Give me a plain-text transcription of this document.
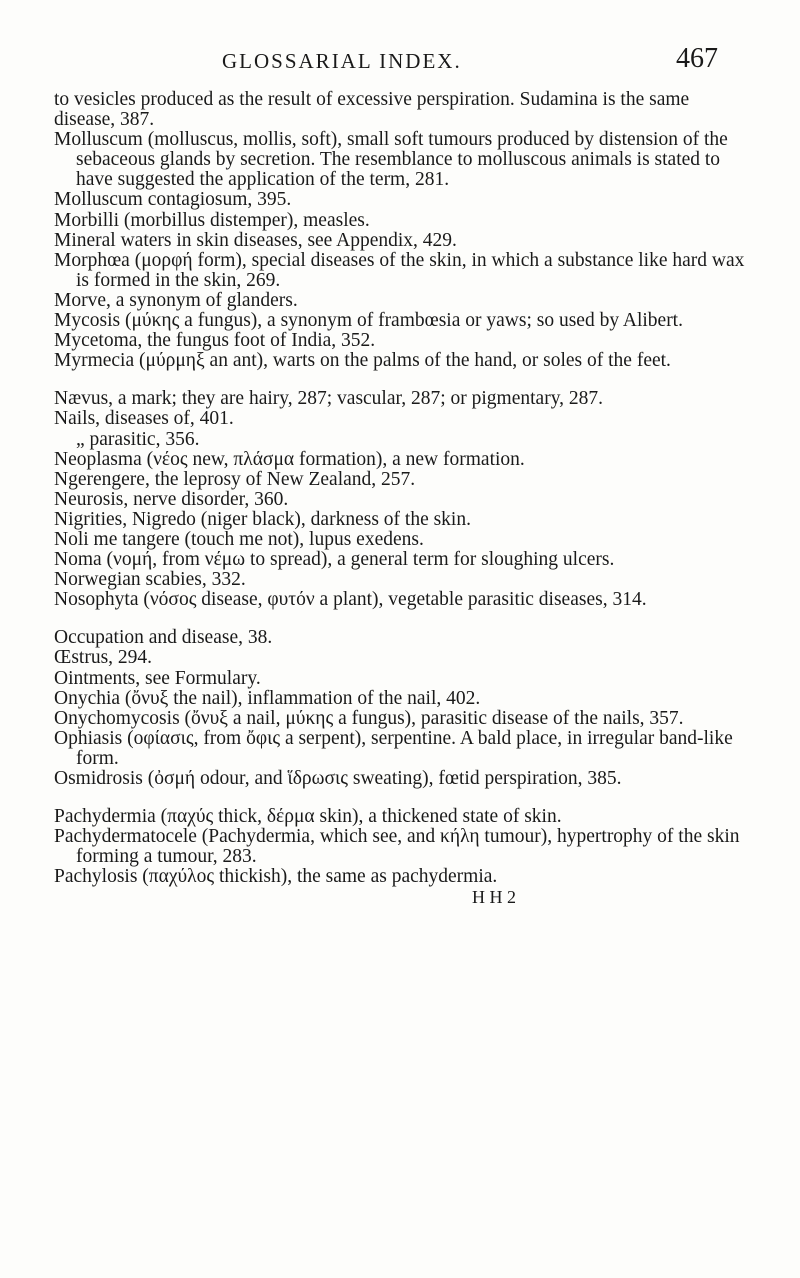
GLOSSARIAL INDEX.	467

to vesicles produced as the result of excessive perspiration. Sudamina is the same disease, 387.

Molluscum (molluscus, mollis, soft), small soft tumours produced by distension of the sebaceous glands by secretion. The resemblance to molluscous animals is stated to have suggested the application of the term, 281.

Molluscum contagiosum, 395.

Morbilli (morbillus distemper), measles.

Mineral waters in skin diseases, see Appendix, 429.

Morphœa (μορφή form), special diseases of the skin, in which a substance like hard wax is formed in the skin, 269.

Morve, a synonym of glanders.

Mycosis (μύκης a fungus), a synonym of frambœsia or yaws; so used by Alibert.

Mycetoma, the fungus foot of India, 352.

Myrmecia (μύρμηξ an ant), warts on the palms of the hand, or soles of the feet.

Nævus, a mark; they are hairy, 287; vascular, 287; or pigmentary, 287.

Nails, diseases of, 401.

„ parasitic, 356.

Neoplasma (νέος new, πλάσμα formation), a new formation.

Ngerengere, the leprosy of New Zealand, 257.

Neurosis, nerve disorder, 360.

Nigrities, Nigredo (niger black), darkness of the skin.

Noli me tangere (touch me not), lupus exedens.

Noma (νομή, from νέμω to spread), a general term for sloughing ulcers.

Norwegian scabies, 332.

Nosophyta (νόσος disease, φυτόν a plant), vegetable parasitic diseases, 314.

Occupation and disease, 38.

Œstrus, 294.

Ointments, see Formulary.

Onychia (ὄνυξ the nail), inflammation of the nail, 402.

Onychomycosis (ὄνυξ a nail, μύκης a fungus), parasitic disease of the nails, 357.

Ophiasis (οφίασις, from ὄφις a serpent), serpentine. A bald place, in irregular band-like form.

Osmidrosis (ὀσμή odour, and ἵδρωσις sweating), fœtid perspiration, 385.

Pachydermia (παχύς thick, δέρμα skin), a thickened state of skin.

Pachydermatocele (Pachydermia, which see, and κήλη tumour), hypertrophy of the skin forming a tumour, 283.

Pachylosis (παχύλος thickish), the same as pachydermia.

H H 2
